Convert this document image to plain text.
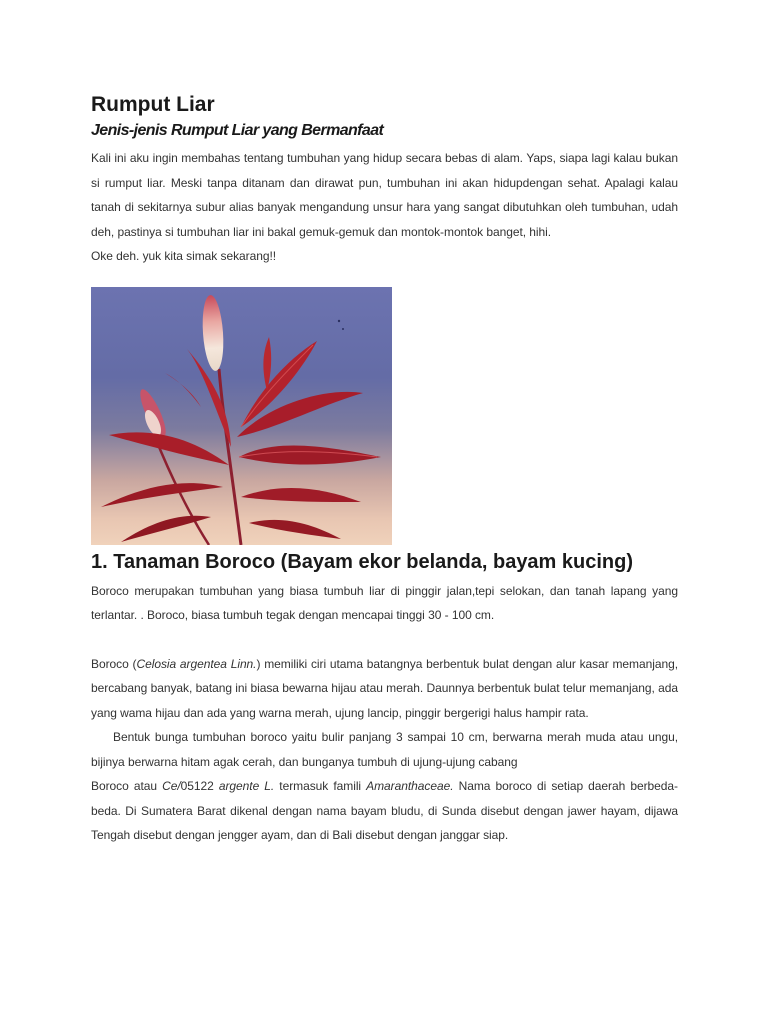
Rumput Liar
Jenis-jenis Rumput Liar yang Bermanfaat

Kali ini aku ingin membahas tentang tumbuhan yang hidup secara bebas di alam. Yaps, siapa lagi kalau bukan si rumput liar. Meski tanpa ditanam dan dirawat pun, tumbuhan ini akan hidupdengan sehat. Apalagi kalau tanah di sekitarnya subur alias banyak mengandung unsur hara yang sangat dibutuhkan oleh tumbuhan, udah deh, pastinya si tumbuhan liar ini bakal gemuk-gemuk dan montok-montok banget, hihi.

Oke deh. yuk kita simak sekarang!!

1. Tanaman Boroco (Bayam ekor belanda, bayam kucing)

Boroco merupakan tumbuhan yang biasa tumbuh liar di pinggir jalan,tepi selokan, dan tanah lapang yang terlantar. . Boroco, biasa tumbuh tegak dengan mencapai tinggi 30 - 100 cm.

Boroco (Celosia argentea Linn.) memiliki ciri utama batangnya berbentuk bulat dengan alur kasar memanjang, bercabang banyak, batang ini biasa bewarna hijau atau merah. Daunnya berbentuk bulat telur memanjang, ada yang wama hijau dan ada yang warna merah, ujung lancip, pinggir bergerigi halus hampir rata.

Bentuk bunga tumbuhan boroco yaitu bulir panjang 3 sampai 10 cm, berwarna merah muda atau ungu, bijinya berwarna hitam agak cerah, dan bunganya tumbuh di ujung-ujung cabang

Boroco atau Ce/05122 argente L. termasuk famili Amaranthaceae. Nama boroco di setiap daerah berbeda-beda. Di Sumatera Barat dikenal dengan nama bayam bludu, di Sunda disebut dengan jawer hayam, dijawa Tengah disebut dengan jengger ayam, dan di Bali disebut dengan janggar siap.
